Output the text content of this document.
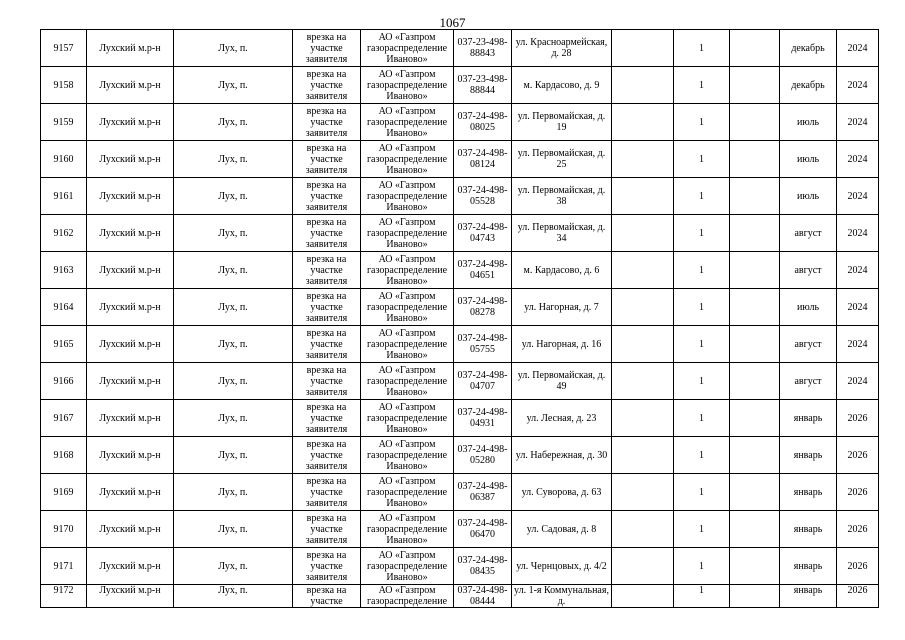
1067
9157	Лухский м.р-н	Лух, п.	врезка на участке заявителя	АО «Газпром газораспределение Иваново»	037-23-498-88843	ул. Красноармейская, д. 28		1		декабрь	2024
9158	Лухский м.р-н	Лух, п.	врезка на участке заявителя	АО «Газпром газораспределение Иваново»	037-23-498-88844	м. Кардасово, д. 9		1		декабрь	2024
9159	Лухский м.р-н	Лух, п.	врезка на участке заявителя	АО «Газпром газораспределение Иваново»	037-24-498-08025	ул. Первомайская, д. 19		1		июль	2024
9160	Лухский м.р-н	Лух, п.	врезка на участке заявителя	АО «Газпром газораспределение Иваново»	037-24-498-08124	ул. Первомайская, д. 25		1		июль	2024
9161	Лухский м.р-н	Лух, п.	врезка на участке заявителя	АО «Газпром газораспределение Иваново»	037-24-498-05528	ул. Первомайская, д. 38		1		июль	2024
9162	Лухский м.р-н	Лух, п.	врезка на участке заявителя	АО «Газпром газораспределение Иваново»	037-24-498-04743	ул. Первомайская, д. 34		1		август	2024
9163	Лухский м.р-н	Лух, п.	врезка на участке заявителя	АО «Газпром газораспределение Иваново»	037-24-498-04651	м. Кардасово, д. 6		1		август	2024
9164	Лухский м.р-н	Лух, п.	врезка на участке заявителя	АО «Газпром газораспределение Иваново»	037-24-498-08278	ул. Нагорная, д. 7		1		июль	2024
9165	Лухский м.р-н	Лух, п.	врезка на участке заявителя	АО «Газпром газораспределение Иваново»	037-24-498-05755	ул. Нагорная, д. 16		1		август	2024
9166	Лухский м.р-н	Лух, п.	врезка на участке заявителя	АО «Газпром газораспределение Иваново»	037-24-498-04707	ул. Первомайская, д. 49		1		август	2024
9167	Лухский м.р-н	Лух, п.	врезка на участке заявителя	АО «Газпром газораспределение Иваново»	037-24-498-04931	ул. Лесная, д. 23		1		январь	2026
9168	Лухский м.р-н	Лух, п.	врезка на участке заявителя	АО «Газпром газораспределение Иваново»	037-24-498-05280	ул. Набережная, д. 30		1		январь	2026
9169	Лухский м.р-н	Лух, п.	врезка на участке заявителя	АО «Газпром газораспределение Иваново»	037-24-498-06387	ул. Суворова, д. 63		1		январь	2026
9170	Лухский м.р-н	Лух, п.	врезка на участке заявителя	АО «Газпром газораспределение Иваново»	037-24-498-06470	ул. Садовая, д. 8		1		январь	2026
9171	Лухский м.р-н	Лух, п.	врезка на участке заявителя	АО «Газпром газораспределение Иваново»	037-24-498-08435	ул. Чернцовых, д. 4/2		1		январь	2026
9172	Лухский м.р-н	Лух, п.	врезка на участке	АО «Газпром газораспределение	037-24-498-08444	ул. 1-я Коммунальная, д.		1		январь	2026
